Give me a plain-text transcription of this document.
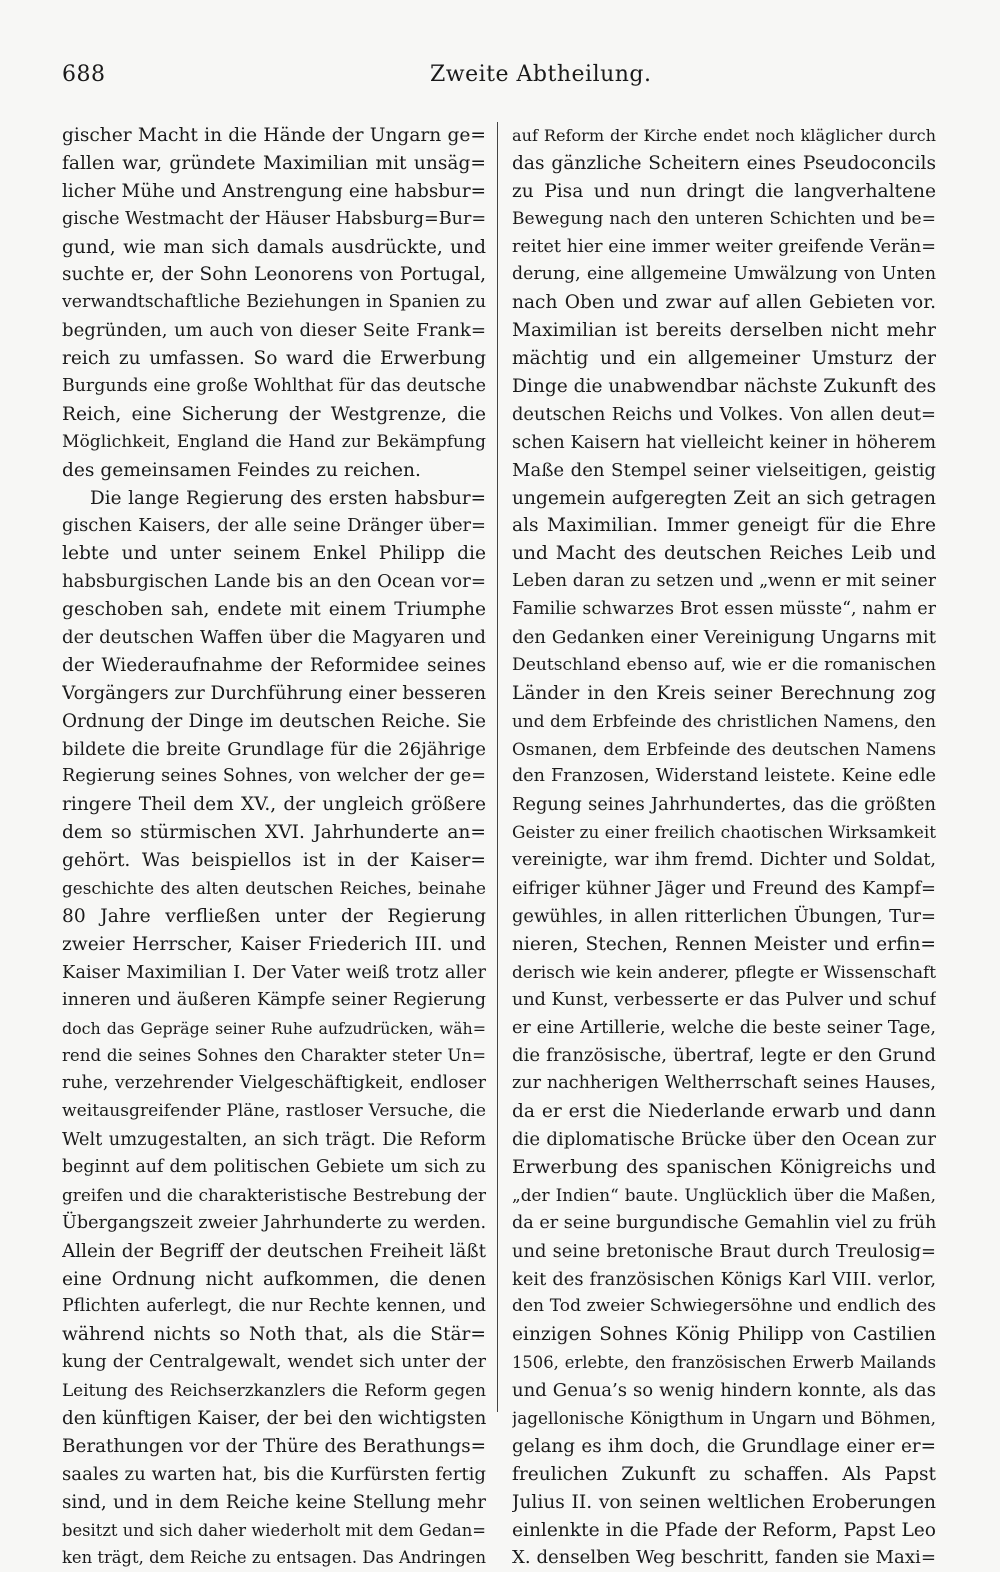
688	Zweite Abtheilung.
gischer Macht in die Hände der Ungarn ge=
fallen war, gründete Maximilian mit unsäg=
licher Mühe und Anstrengung eine habsbur=
gische Westmacht der Häuser Habsburg=Bur=
gund, wie man sich damals ausdrückte, und
suchte er, der Sohn Leonorens von Portugal,
verwandtschaftliche Beziehungen in Spanien zu
begründen, um auch von dieser Seite Frank=
reich zu umfassen. So ward die Erwerbung
Burgunds eine große Wohlthat für das deutsche
Reich, eine Sicherung der Westgrenze, die
Möglichkeit, England die Hand zur Bekämpfung
des gemeinsamen Feindes zu reichen.
Die lange Regierung des ersten habsbur=
gischen Kaisers, der alle seine Dränger über=
lebte und unter seinem Enkel Philipp die
habsburgischen Lande bis an den Ocean vor=
geschoben sah, endete mit einem Triumphe
der deutschen Waffen über die Magyaren und
der Wiederaufnahme der Reformidee seines
Vorgängers zur Durchführung einer besseren
Ordnung der Dinge im deutschen Reiche. Sie
bildete die breite Grundlage für die 26jährige
Regierung seines Sohnes, von welcher der ge=
ringere Theil dem XV., der ungleich größere
dem so stürmischen XVI. Jahrhunderte an=
gehört. Was beispiellos ist in der Kaiser=
geschichte des alten deutschen Reiches, beinahe
80 Jahre verfließen unter der Regierung
zweier Herrscher, Kaiser Friederich III. und
Kaiser Maximilian I. Der Vater weiß trotz aller
inneren und äußeren Kämpfe seiner Regierung
doch das Gepräge seiner Ruhe aufzudrücken, wäh=
rend die seines Sohnes den Charakter steter Un=
ruhe, verzehrender Vielgeschäftigkeit, endloser
weitausgreifender Pläne, rastloser Versuche, die
Welt umzugestalten, an sich trägt. Die Reform
beginnt auf dem politischen Gebiete um sich zu
greifen und die charakteristische Bestrebung der
Übergangszeit zweier Jahrhunderte zu werden.
Allein der Begriff der deutschen Freiheit läßt
eine Ordnung nicht aufkommen, die denen
Pflichten auferlegt, die nur Rechte kennen, und
während nichts so Noth that, als die Stär=
kung der Centralgewalt, wendet sich unter der
Leitung des Reichserzkanzlers die Reform gegen
den künftigen Kaiser, der bei den wichtigsten
Berathungen vor der Thüre des Berathungs=
saales zu warten hat, bis die Kurfürsten fertig
sind, und in dem Reiche keine Stellung mehr
besitzt und sich daher wiederholt mit dem Gedan=
ken trägt, dem Reiche zu entsagen. Das Andringen
auf Reform der Kirche endet noch kläglicher durch
das gänzliche Scheitern eines Pseudoconcils
zu Pisa und nun dringt die langverhaltene
Bewegung nach den unteren Schichten und be=
reitet hier eine immer weiter greifende Verän=
derung, eine allgemeine Umwälzung von Unten
nach Oben und zwar auf allen Gebieten vor.
Maximilian ist bereits derselben nicht mehr
mächtig und ein allgemeiner Umsturz der
Dinge die unabwendbar nächste Zukunft des
deutschen Reichs und Volkes. Von allen deut=
schen Kaisern hat vielleicht keiner in höherem
Maße den Stempel seiner vielseitigen, geistig
ungemein aufgeregten Zeit an sich getragen
als Maximilian. Immer geneigt für die Ehre
und Macht des deutschen Reiches Leib und
Leben daran zu setzen und „wenn er mit seiner
Familie schwarzes Brot essen müsste“, nahm er
den Gedanken einer Vereinigung Ungarns mit
Deutschland ebenso auf, wie er die romanischen
Länder in den Kreis seiner Berechnung zog
und dem Erbfeinde des christlichen Namens, den
Osmanen, dem Erbfeinde des deutschen Namens
den Franzosen, Widerstand leistete. Keine edle
Regung seines Jahrhundertes, das die größten
Geister zu einer freilich chaotischen Wirksamkeit
vereinigte, war ihm fremd. Dichter und Soldat,
eifriger kühner Jäger und Freund des Kampf=
gewühles, in allen ritterlichen Übungen, Tur=
nieren, Stechen, Rennen Meister und erfin=
derisch wie kein anderer, pflegte er Wissenschaft
und Kunst, verbesserte er das Pulver und schuf
er eine Artillerie, welche die beste seiner Tage,
die französische, übertraf, legte er den Grund
zur nachherigen Weltherrschaft seines Hauses,
da er erst die Niederlande erwarb und dann
die diplomatische Brücke über den Ocean zur
Erwerbung des spanischen Königreichs und
„der Indien“ baute. Unglücklich über die Maßen,
da er seine burgundische Gemahlin viel zu früh
und seine bretonische Braut durch Treulosig=
keit des französischen Königs Karl VIII. verlor,
den Tod zweier Schwiegersöhne und endlich des
einzigen Sohnes König Philipp von Castilien
1506, erlebte, den französischen Erwerb Mailands
und Genua’s so wenig hindern konnte, als das
jagellonische Königthum in Ungarn und Böhmen,
gelang es ihm doch, die Grundlage einer er=
freulichen Zukunft zu schaffen. Als Papst
Julius II. von seinen weltlichen Eroberungen
einlenkte in die Pfade der Reform, Papst Leo
X. denselben Weg beschritt, fanden sie Maxi=
